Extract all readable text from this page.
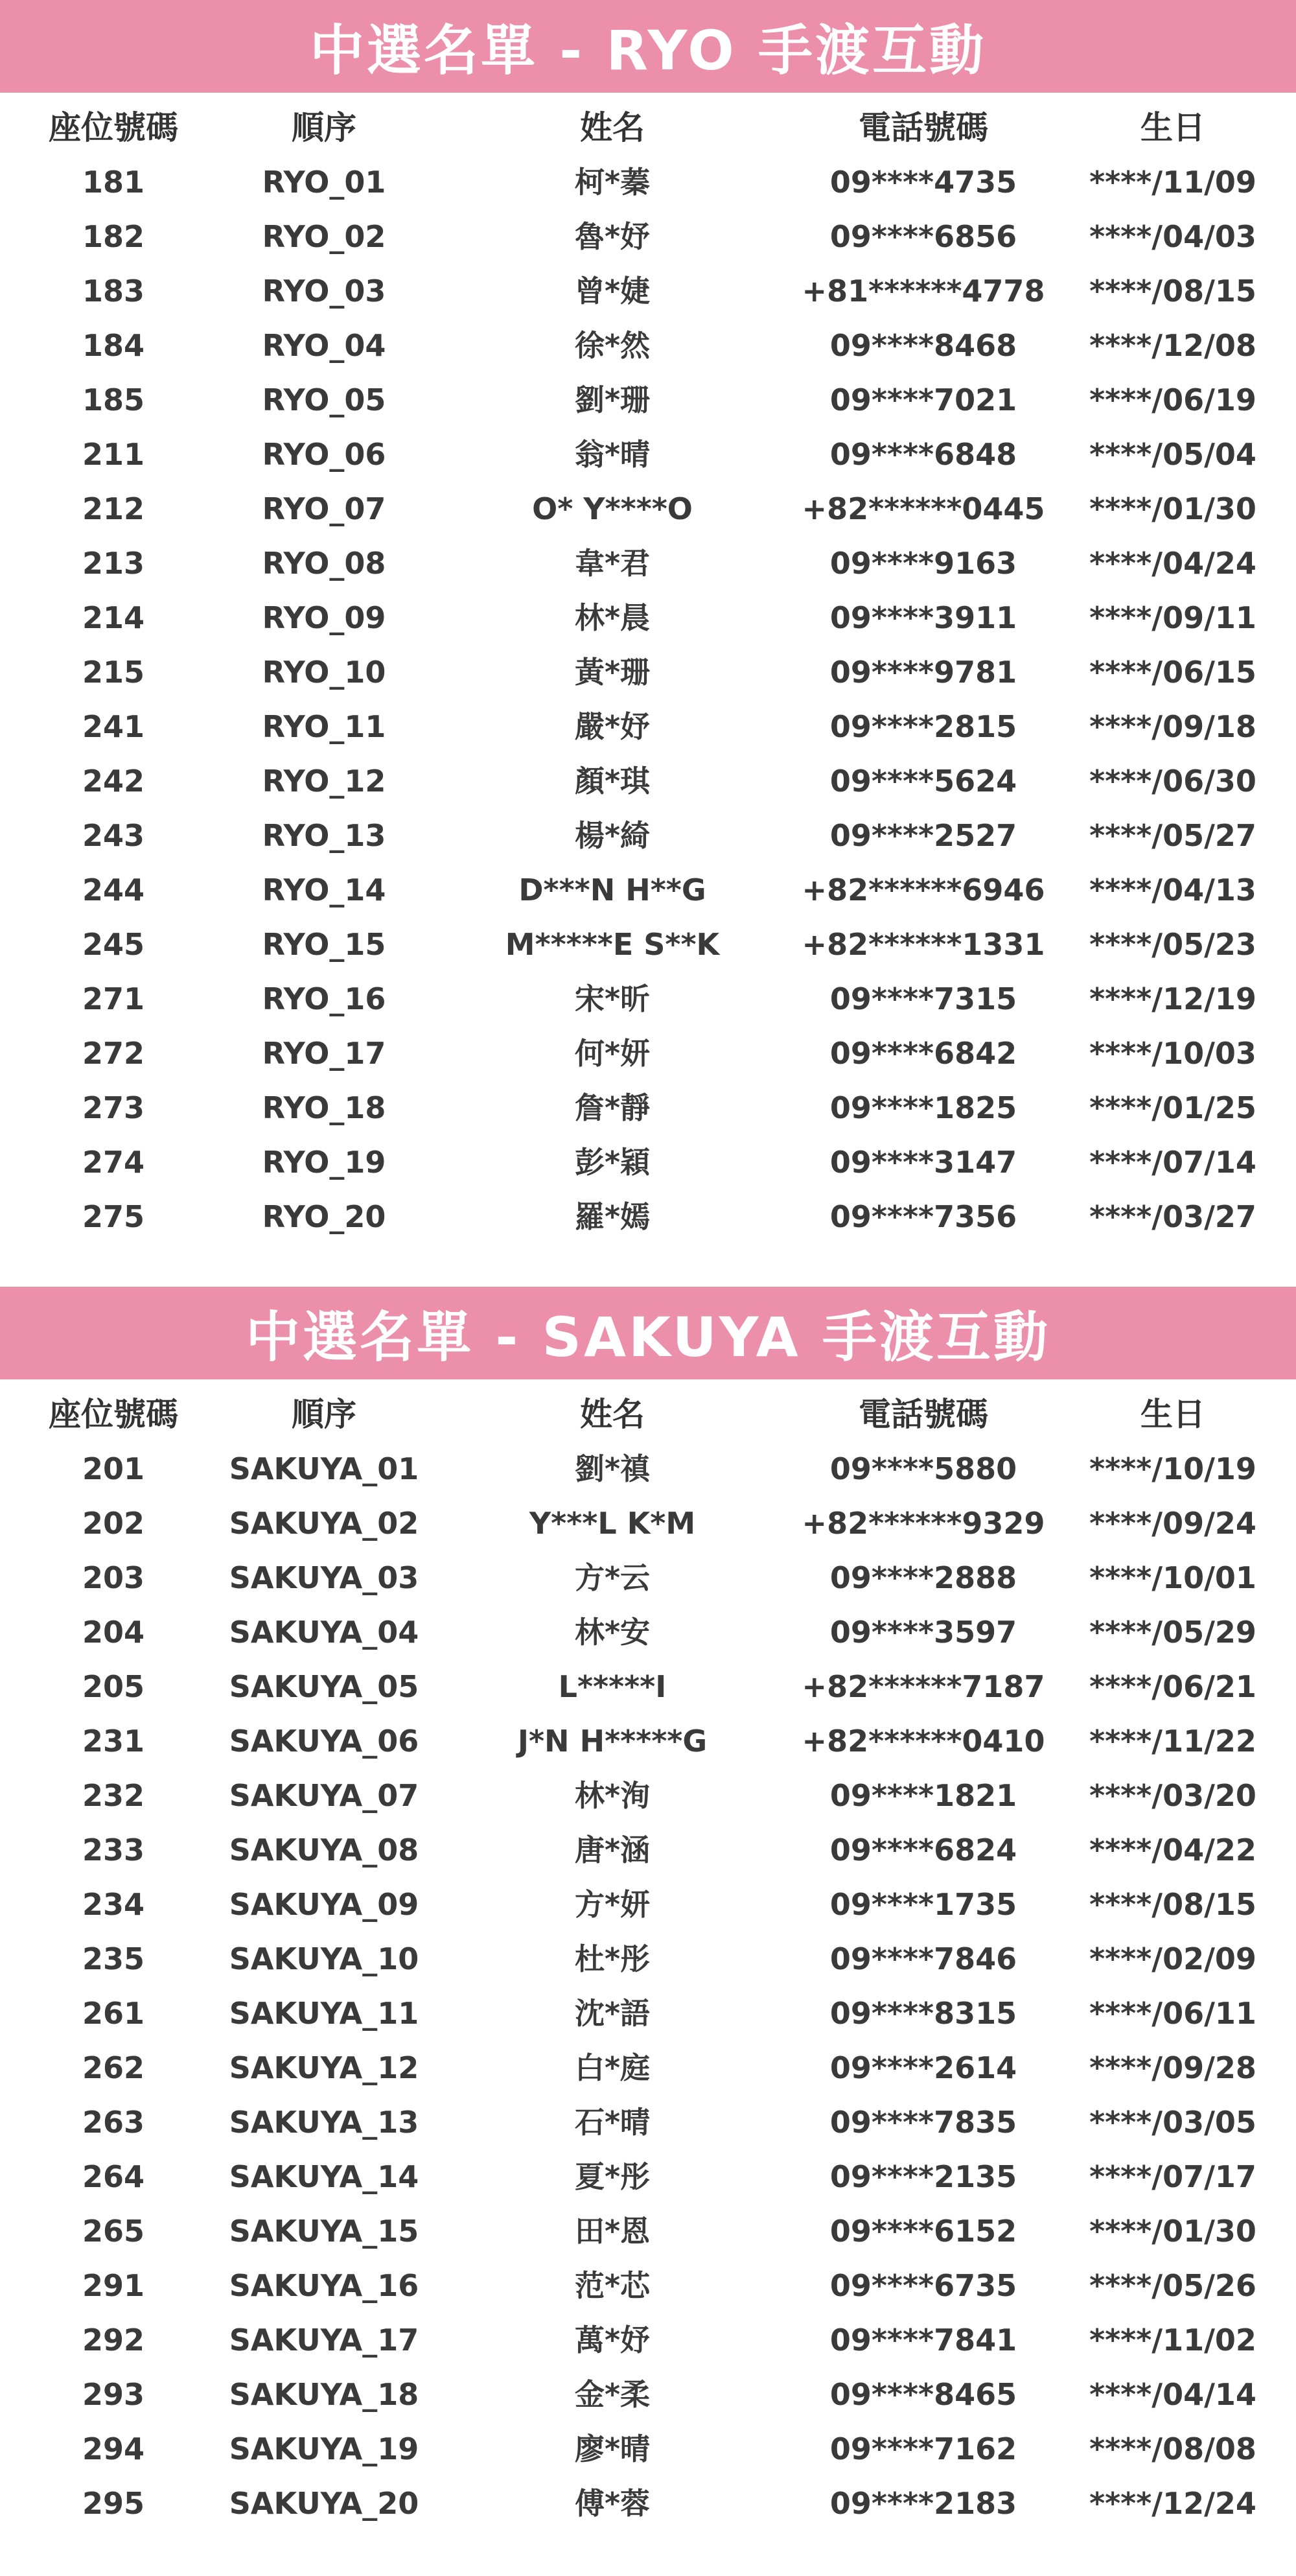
中選名單 - RYO 手渡互動
座位號碼	順序	姓名	電話號碼	生日
181	RYO_01	柯*蓁	09****4735	****/11/09
182	RYO_02	魯*妤	09****6856	****/04/03
183	RYO_03	曾*婕	+81******4778	****/08/15
184	RYO_04	徐*然	09****8468	****/12/08
185	RYO_05	劉*珊	09****7021	****/06/19
211	RYO_06	翁*晴	09****6848	****/05/04
212	RYO_07	O* Y****O	+82******0445	****/01/30
213	RYO_08	韋*君	09****9163	****/04/24
214	RYO_09	林*晨	09****3911	****/09/11
215	RYO_10	黃*珊	09****9781	****/06/15
241	RYO_11	嚴*妤	09****2815	****/09/18
242	RYO_12	顏*琪	09****5624	****/06/30
243	RYO_13	楊*綺	09****2527	****/05/27
244	RYO_14	D***N H**G	+82******6946	****/04/13
245	RYO_15	M*****E S**K	+82******1331	****/05/23
271	RYO_16	宋*昕	09****7315	****/12/19
272	RYO_17	何*妍	09****6842	****/10/03
273	RYO_18	詹*靜	09****1825	****/01/25
274	RYO_19	彭*穎	09****3147	****/07/14
275	RYO_20	羅*嫣	09****7356	****/03/27
中選名單 - SAKUYA 手渡互動
座位號碼	順序	姓名	電話號碼	生日
201	SAKUYA_01	劉*禛	09****5880	****/10/19
202	SAKUYA_02	Y***L K*M	+82******9329	****/09/24
203	SAKUYA_03	方*云	09****2888	****/10/01
204	SAKUYA_04	林*安	09****3597	****/05/29
205	SAKUYA_05	L*****I	+82******7187	****/06/21
231	SAKUYA_06	J*N H*****G	+82******0410	****/11/22
232	SAKUYA_07	林*洵	09****1821	****/03/20
233	SAKUYA_08	唐*涵	09****6824	****/04/22
234	SAKUYA_09	方*妍	09****1735	****/08/15
235	SAKUYA_10	杜*彤	09****7846	****/02/09
261	SAKUYA_11	沈*語	09****8315	****/06/11
262	SAKUYA_12	白*庭	09****2614	****/09/28
263	SAKUYA_13	石*晴	09****7835	****/03/05
264	SAKUYA_14	夏*彤	09****2135	****/07/17
265	SAKUYA_15	田*恩	09****6152	****/01/30
291	SAKUYA_16	范*芯	09****6735	****/05/26
292	SAKUYA_17	萬*妤	09****7841	****/11/02
293	SAKUYA_18	金*柔	09****8465	****/04/14
294	SAKUYA_19	廖*晴	09****7162	****/08/08
295	SAKUYA_20	傅*蓉	09****2183	****/12/24
